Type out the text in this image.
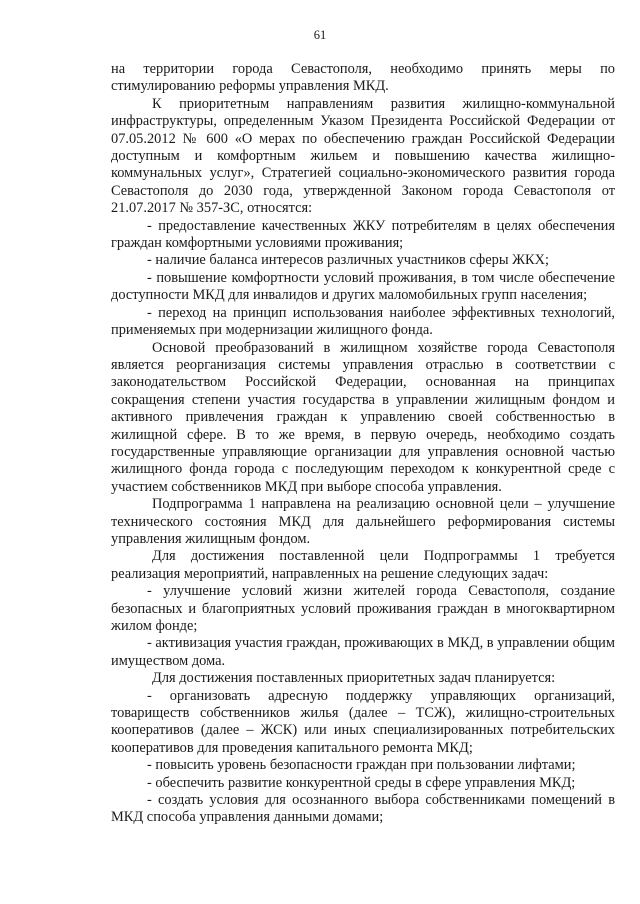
61

на территории города Севастополя, необходимо принять меры по стимулированию реформы управления МКД.

К приоритетным направлениям развития жилищно-коммунальной инфраструктуры, определенным Указом Президента Российской Федерации от 07.05.2012 № 600 «О мерах по обеспечению граждан Российской Федерации доступным и комфортным жильем и повышению качества жилищно-коммунальных услуг», Стратегией социально-экономического развития города Севастополя до 2030 года, утвержденной Законом города Севастополя от 21.07.2017 № 357-ЗС, относятся:

- предоставление качественных ЖКУ потребителям в целях обеспечения граждан комфортными условиями проживания;

- наличие баланса интересов различных участников сферы ЖКХ;

- повышение комфортности условий проживания, в том числе обеспечение доступности МКД для инвалидов и других маломобильных групп населения;

- переход на принцип использования наиболее эффективных технологий, применяемых при модернизации жилищного фонда.

Основой преобразований в жилищном хозяйстве города Севастополя является реорганизация системы управления отраслью в соответствии с законодательством Российской Федерации, основанная на принципах сокращения степени участия государства в управлении жилищным фондом и активного привлечения граждан к управлению своей собственностью в жилищной сфере. В то же время, в первую очередь, необходимо создать государственные управляющие организации для управления основной частью жилищного фонда города с последующим переходом к конкурентной среде с участием собственников МКД при выборе способа управления.

Подпрограмма 1 направлена на реализацию основной цели – улучшение технического состояния МКД для дальнейшего реформирования системы управления жилищным фондом.

Для достижения поставленной цели Подпрограммы 1 требуется реализация мероприятий, направленных на решение следующих задач:

- улучшение условий жизни жителей города Севастополя, создание безопасных и благоприятных условий проживания граждан в многоквартирном жилом фонде;

- активизация участия граждан, проживающих в МКД, в управлении общим имуществом дома.

Для достижения поставленных приоритетных задач планируется:

- организовать адресную поддержку управляющих организаций, товариществ собственников жилья (далее – ТСЖ), жилищно-строительных кооперативов (далее – ЖСК) или иных специализированных потребительских кооперативов для проведения капитального ремонта МКД;

- повысить уровень безопасности граждан при пользовании лифтами;

- обеспечить развитие конкурентной среды в сфере управления МКД;

- создать условия для осознанного выбора собственниками помещений в МКД способа управления данными домами;
